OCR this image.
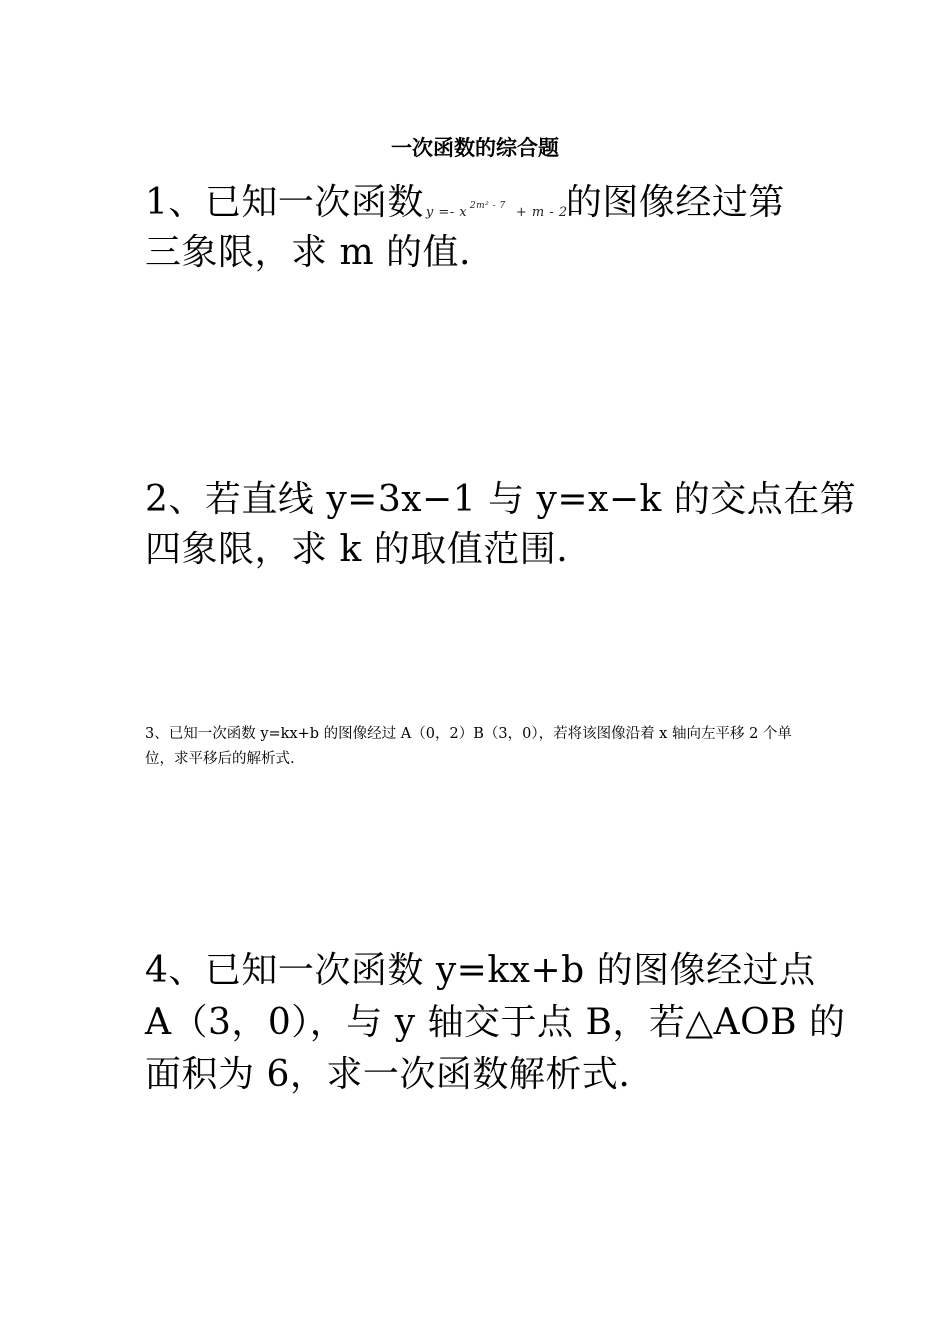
一次函数的综合题
1、已知一次函数 y =- x 2m² - 7 + m - 2
的图像经过第
三象限，求 m 的值.
2、若直线 y=3x−1 与 y=x−k 的交点在第
四象限，求 k 的取值范围.
3、已知一次函数 y=kx+b 的图像经过 A（0，2）B（3，0），若将该图像沿着 x 轴向左平移 2 个单
位，求平移后的解析式.
4、已知一次函数 y=kx+b 的图像经过点
A（3，0），与 y 轴交于点 B，若△AOB 的
面积为 6，求一次函数解析式.
